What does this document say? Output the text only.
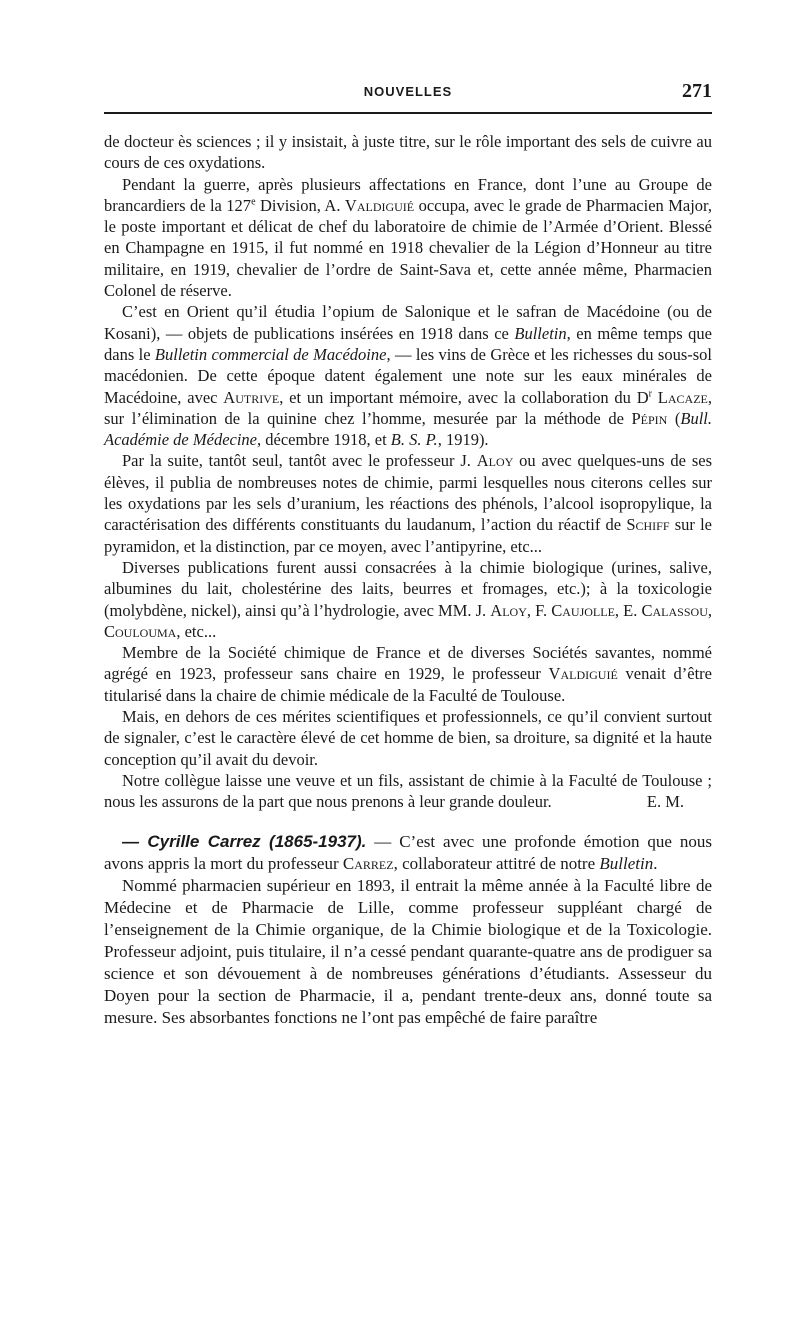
NOUVELLES	271

de docteur ès sciences ; il y insistait, à juste titre, sur le rôle important des sels de cuivre au cours de ces oxydations.

Pendant la guerre, après plusieurs affectations en France, dont l’une au Groupe de brancardiers de la 127e Division, A. Valdiguié occupa, avec le grade de Pharmacien Major, le poste important et délicat de chef du laboratoire de chimie de l’Armée d’Orient. Blessé en Champagne en 1915, il fut nommé en 1918 chevalier de la Légion d’Honneur au titre militaire, en 1919, chevalier de l’ordre de Saint-Sava et, cette année même, Pharmacien Colonel de réserve.

C’est en Orient qu’il étudia l’opium de Salonique et le safran de Macédoine (ou de Kosani), — objets de publications insérées en 1918 dans ce Bulletin, en même temps que dans le Bulletin commercial de Macédoine, — les vins de Grèce et les richesses du sous-sol macédonien. De cette époque datent également une note sur les eaux minérales de Macédoine, avec Autrive, et un important mémoire, avec la collaboration du $D^r$ Lacaze, sur l’élimination de la quinine chez l’homme, mesurée par la méthode de Pépin (Bull. Académie de Médecine, décembre 1918, et B. S. P., 1919).

Par la suite, tantôt seul, tantôt avec le professeur J. Aloy ou avec quelques-uns de ses élèves, il publia de nombreuses notes de chimie, parmi lesquelles nous citerons celles sur les oxydations par les sels d’uranium, les réactions des phénols, l’alcool isopropylique, la caractérisation des différents constituants du laudanum, l’action du réactif de Schiff sur le pyramidon, et la distinction, par ce moyen, avec l’antipyrine, etc...

Diverses publications furent aussi consacrées à la chimie biologique (urines, salive, albumines du lait, cholestérine des laits, beurres et fromages, etc.); à la toxicologie (molybdène, nickel), ainsi qu’à l’hydrologie, avec MM. J. Aloy, F. Caujolle, E. Calassou, Coulouma, etc...

Membre de la Société chimique de France et de diverses Sociétés savantes, nommé agrégé en 1923, professeur sans chaire en 1929, le professeur Valdiguié venait d’être titularisé dans la chaire de chimie médicale de la Faculté de Toulouse.

Mais, en dehors de ces mérites scientifiques et professionnels, ce qu’il convient surtout de signaler, c’est le caractère élevé de cet homme de bien, sa droiture, sa dignité et la haute conception qu’il avait du devoir.

Notre collègue laisse une veuve et un fils, assistant de chimie à la Faculté de Toulouse ; nous les assurons de la part que nous prenons à leur grande douleur.	E. M.

— Cyrille Carrez (1865-1937). — C’est avec une profonde émotion que nous avons appris la mort du professeur Carrez, collaborateur attitré de notre Bulletin.

Nommé pharmacien supérieur en 1893, il entrait la même année à la Faculté libre de Médecine et de Pharmacie de Lille, comme professeur suppléant chargé de l’enseignement de la Chimie organique, de la Chimie biologique et de la Toxicologie. Professeur adjoint, puis titulaire, il n’a cessé pendant quarante-quatre ans de prodiguer sa science et son dévouement à de nombreuses générations d’étudiants. Assesseur du Doyen pour la section de Pharmacie, il a, pendant trente-deux ans, donné toute sa mesure. Ses absorbantes fonctions ne l’ont pas empêché de faire paraître
